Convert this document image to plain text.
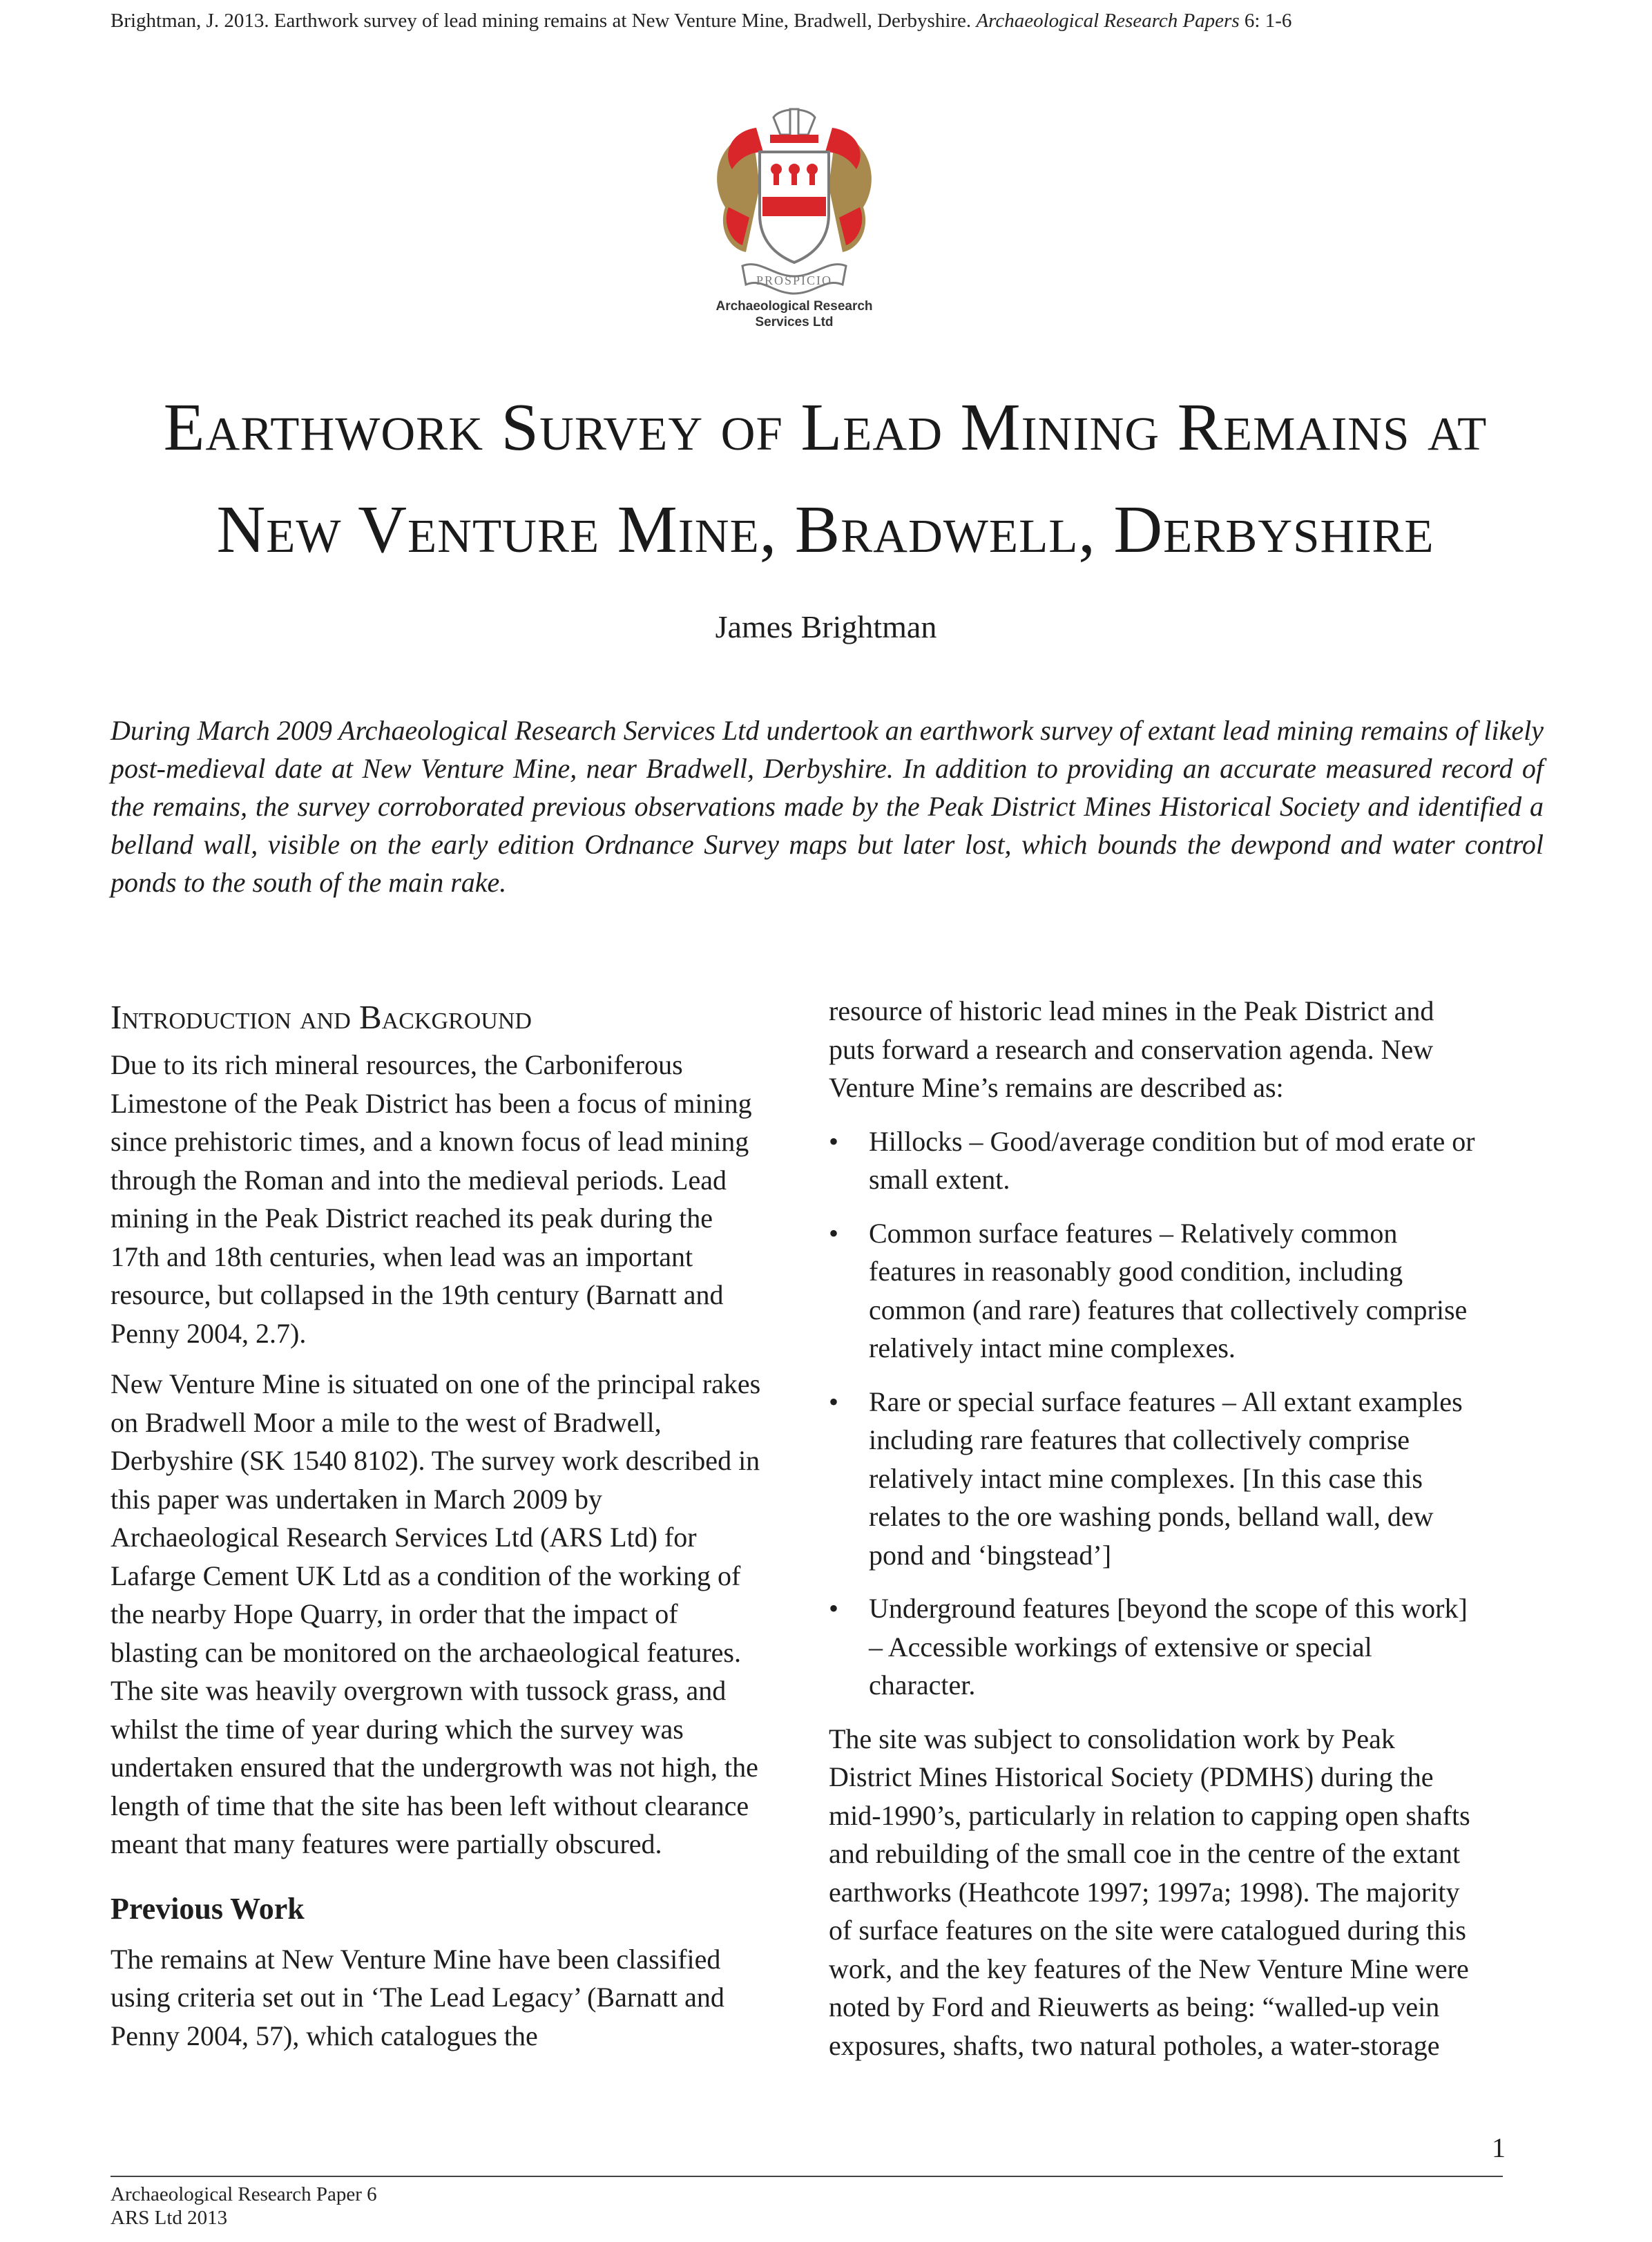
Brightman, J. 2013. Earthwork survey of lead mining remains at New Venture Mine, Bradwell, Derbyshire. Archaeological Research Papers 6: 1-6
PROSPICIO
Archaeological Research
Services Ltd
Earthwork Survey of Lead Mining Remains at
New Venture Mine, Bradwell, Derbyshire
James Brightman
During March 2009 Archaeological Research Services Ltd undertook an earthwork survey of extant lead mining remains of likely post-medieval date at New Venture Mine, near Bradwell, Derbyshire. In addition to providing an accurate measured record of the remains, the survey corroborated previous observations made by the Peak District Mines Historical Society and identified a belland wall, visible on the early edition Ordnance Survey maps but later lost, which bounds the dewpond and water control ponds to the south of the main rake.
Introduction and Background

Due to its rich mineral resources, the Carboniferous Limestone of the Peak District has been a focus of mining since prehistoric times, and a known focus of lead mining through the Roman and into the medieval periods. Lead mining in the Peak District reached its peak during the 17th and 18th centuries, when lead was an important resource, but collapsed in the 19th century (Barnatt and Penny 2004, 2.7).

New Venture Mine is situated on one of the principal rakes on Bradwell Moor a mile to the west of Bradwell, Derbyshire (SK 1540 8102). The survey work described in this paper was undertaken in March 2009 by Archaeological Research Services Ltd (ARS Ltd) for Lafarge Cement UK Ltd as a condition of the working of the nearby Hope Quarry, in order that the impact of blasting can be monitored on the archaeological features. The site was heavily overgrown with tussock grass, and whilst the time of year during which the survey was undertaken ensured that the undergrowth was not high, the length of time that the site has been left without clearance meant that many features were partially obscured.

Previous Work

The remains at New Venture Mine have been classified using criteria set out in ‘The Lead Legacy’ (Barnatt and Penny 2004, 57), which catalogues the

resource of historic lead mines in the Peak District and puts forward a research and conservation agenda. New Venture Mine’s remains are described as:

• Hillocks – Good/average condition but of mod erate or small extent.
• Common surface features – Relatively common features in reasonably good condition, including common (and rare) features that collectively comprise relatively intact mine complexes.
• Rare or special surface features – All extant examples including rare features that collectively comprise relatively intact mine complexes. [In this case this relates to the ore washing ponds, belland wall, dew pond and ‘bingstead’]
• Underground features [beyond the scope of this work] – Accessible workings of extensive or special character.

The site was subject to consolidation work by Peak District Mines Historical Society (PDMHS) during the mid-1990’s, particularly in relation to capping open shafts and rebuilding of the small coe in the centre of the extant earthworks (Heathcote 1997; 1997a; 1998). The majority of surface features on the site were catalogued during this work, and the key features of the New Venture Mine were noted by Ford and Rieuwerts as being: “walled-up vein exposures, shafts, two natural potholes, a water-storage

1
Archaeological Research Paper 6
ARS Ltd 2013
